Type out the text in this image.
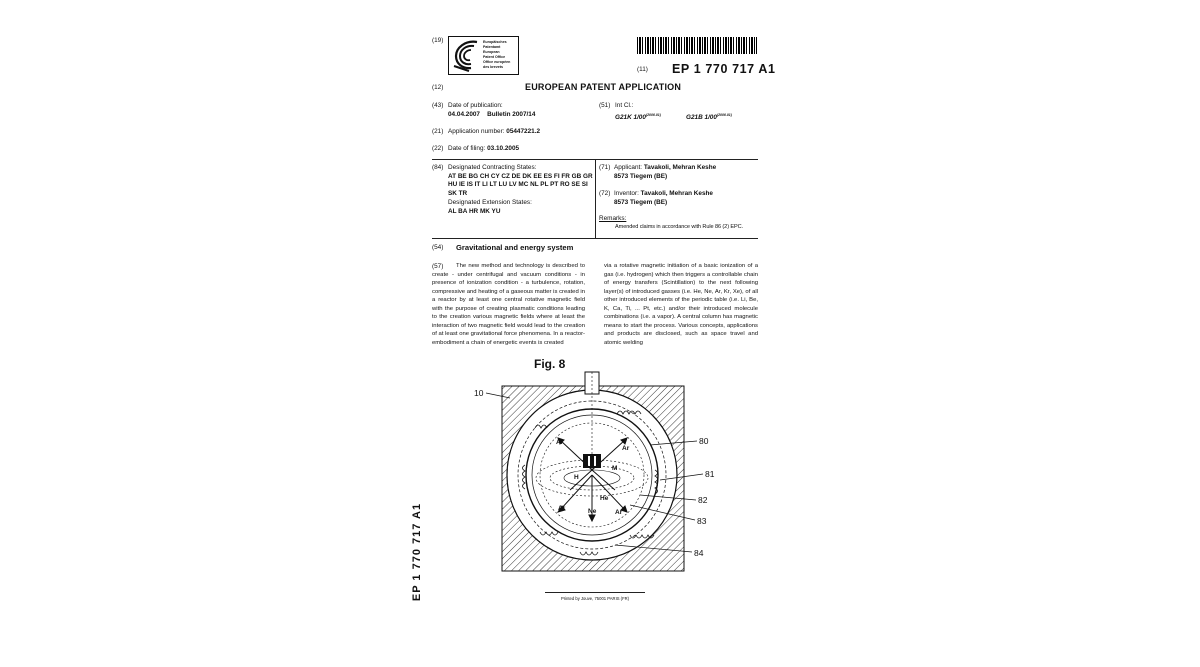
(19)	Europäisches
Patentamt
European
Patent Office
Office européen
des brevets	(11) EP 1 770 717 A1
(12)	EUROPEAN PATENT APPLICATION
(43) Date of publication:
04.04.2007    Bulletin 2007/14
(51) Int Cl.:
G21K $1/00^{(2006.01)}$	G21B $1/00^{(2006.01)}$
(21) Application number: 05447221.2
(22) Date of filing: 03.10.2005
(84) Designated Contracting States:
AT BE BG CH CY CZ DE DK EE ES FI FR GB GR
HU IE IS IT LI LT LU LV MC NL PL PT RO SE SI
SK TR
Designated Extension States:
AL BA HR MK YU
(71) Applicant: Tavakoli, Mehran Keshe
8573 Tiegem (BE)
(72) Inventor: Tavakoli, Mehran Keshe
8573 Tiegem (BE)
Remarks:
Amended claims in accordance with Rule 86 (2) EPC.
(54) Gravitational and energy system
(57)	The new method and technology is described to create - under centrifugal and vacuum conditions - in presence of ionization condition - a turbulence, rotation, compressive and heating of a gaseous matter is created in a reactor by at least one central rotative magnetic field with the purpose of creating plasmatic conditions leading to the creation various magnetic fields where at least the interaction of two magnetic field would lead to the creation of at least one gravitational force phenomena. In a reactor-embodiment a chain of energetic events is created
via a rotative magnetic initiation of a basic ionization of a gas (i.e. hydrogen) which then triggers a controllable chain of energy transfers (Scintillation) to the next following layer(s) of introduced gasses (i.e. He, Ne, Ar, Kr, Xe), of all other introduced elements of the periodic table (i.e. Li, Be, K, Ca, Ti, ... Pt, etc.) and/or their introduced molecule combinations (i.e. a vapor). A central column has magnetic means to start the process. Various concepts, applications and products are disclosed, such as space travel and atomic welding
Fig. 8
Ar
Ar
Ar
Ar
H
He
Ne
M
10
80
81
82
83
84
EP 1 770 717 A1	Printed by Jouve, 75001 PARIS (FR)
